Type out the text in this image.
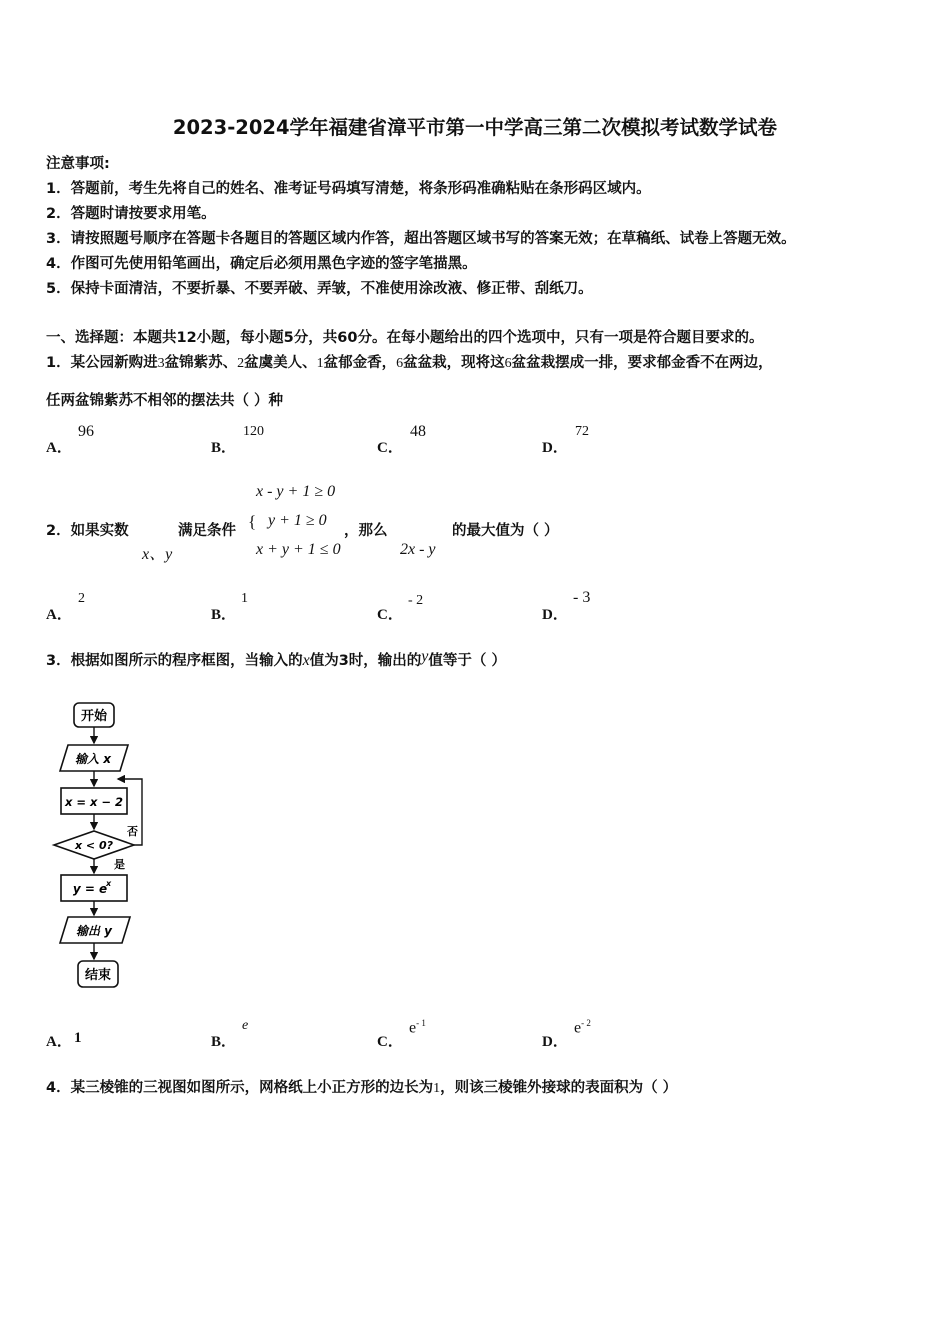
2023-2024学年福建省漳平市第一中学高三第二次模拟考试数学试卷
注意事项:
1．答题前，考生先将自己的姓名、准考证号码填写清楚，将条形码准确粘贴在条形码区域内。
2．答题时请按要求用笔。
3．请按照题号顺序在答题卡各题目的答题区域内作答，超出答题区域书写的答案无效；在草稿纸、试卷上答题无效。
4．作图可先使用铅笔画出，确定后必须用黑色字迹的签字笔描黑。
5．保持卡面清洁，不要折暴、不要弄破、弄皱，不准使用涂改液、修正带、刮纸刀。
一、选择题：本题共12小题，每小题5分，共60分。在每小题给出的四个选项中，只有一项是符合题目要求的。
1．某公园新购进3盆锦紫苏、2盆虞美人、1盆郁金香，6盆盆栽，现将这6盆盆栽摆成一排，要求郁金香不在两边，
任两盆锦紫苏不相邻的摆法共（ ）种
A．
96
B．
120
C．
48
D．
72
2．如果实数
x、y
满足条件 {
x - y + 1 ≥ 0
y + 1 ≥ 0
x + y + 1 ≤ 0
，那么
2x - y
的最大值为（ ）
A．
2
B．
1
C．
- 2
D．
- 3
3．根据如图所示的程序框图，当输入的x值为3时，输出的y值等于（ ）
开始
输入 x
x = x − 2
x < 0?
否
是
y = e
x
输出 y
结束
A． 1	B．
e
C．
$e^{- 1}$
D．
$e^{- 2}$
4．某三棱锥的三视图如图所示，网格纸上小正方形的边长为1，则该三棱锥外接球的表面积为（ ）
